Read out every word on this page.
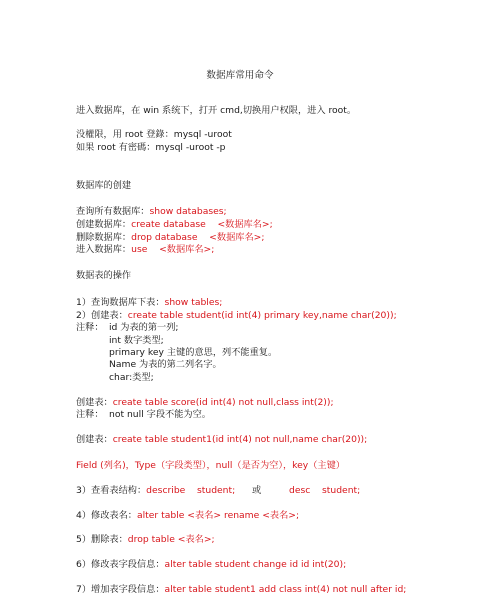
数据库常用命令
进入数据库，在 win 系统下，打开 cmd,切换用户权限，进入 root。
没權限，用 root 登錄：mysql -uroot
如果 root 有密碼：mysql -uroot -p
数据库的创建
查询所有数据库：show databases;
创建数据库：create database    <数据库名>;
删除数据库：drop database    <数据库名>;
进入数据库：use    <数据库名>;
数据表的操作
1）查询数据库下表：show tables;
2）创建表：create table student(id int(4) primary key,name char(20));
注释： id 为表的第一列;
int 数字类型;
primary key 主键的意思，列不能重复。
Name 为表的第二列名字。
char:类型;
创建表：create table score(id int(4) not null,class int(2));
注释： not null 字段不能为空。
创建表：create table student1(id int(4) not null,name char(20));
Field (列名)，Type（字段类型），null（是否为空），key（主键）
3）查看表结构：describe    student; 或	desc    student;
4）修改表名：alter table <表名> rename <表名>;
5）删除表：drop table <表名>;
6）修改表字段信息：alter table student change id id int(20);
7）增加表字段信息：alter table student1 add class int(4) not null after id;
